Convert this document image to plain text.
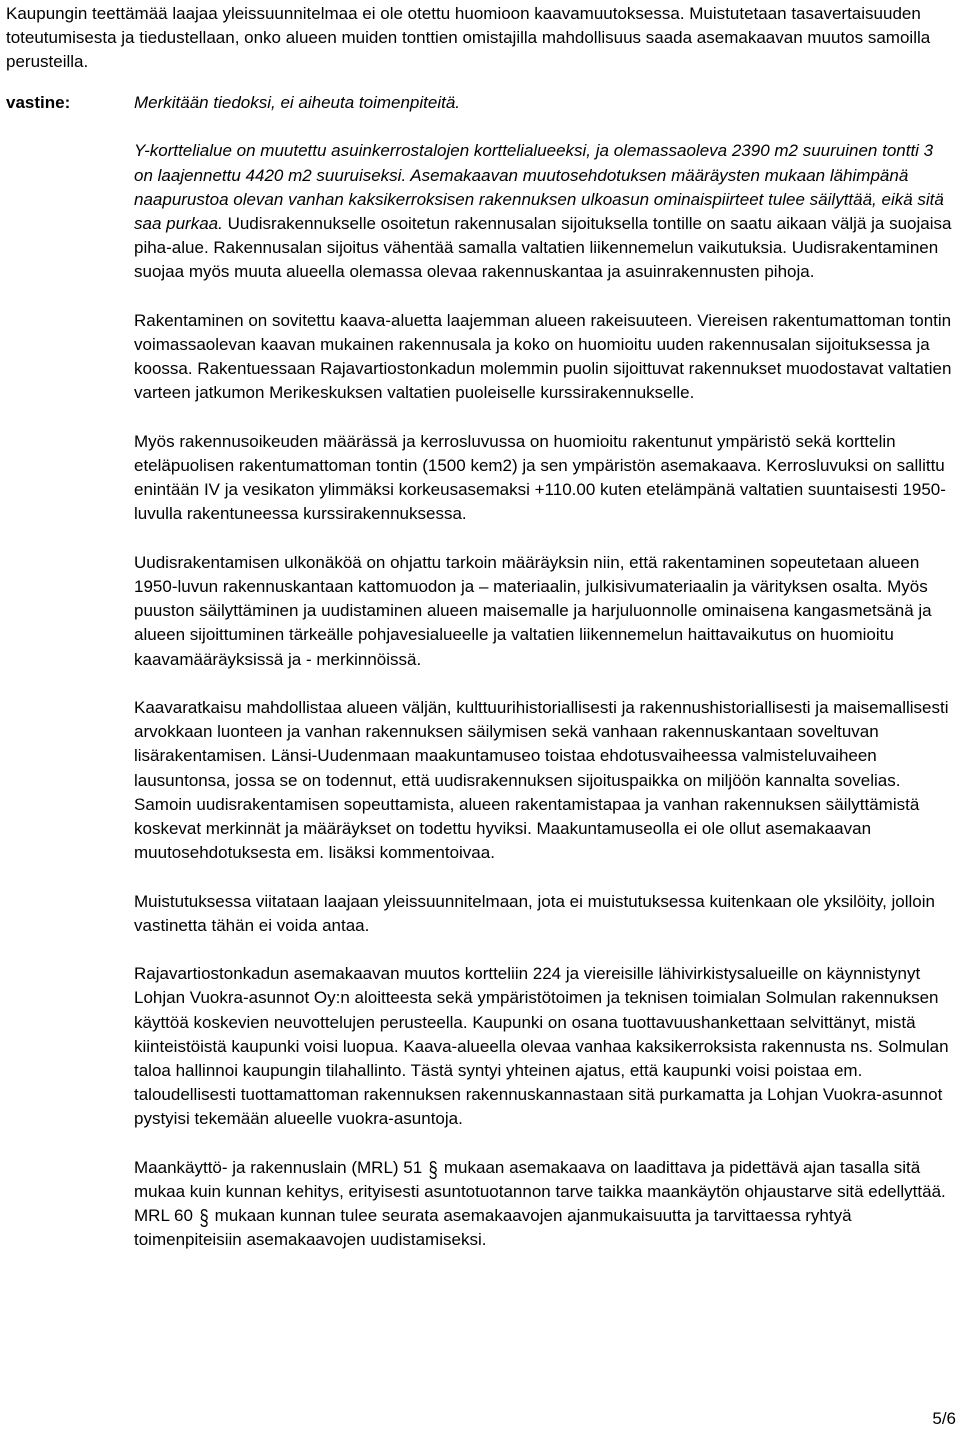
Kaupungin teettämää laajaa yleissuunnitelmaa ei ole otettu huomioon kaavamuutoksessa. Muistutetaan tasavertaisuuden toteutumisesta ja tiedustellaan, onko alueen muiden tonttien omistajilla mahdollisuus saada asemakaavan muutos samoilla perusteilla.

vastine:	Merkitään tiedoksi, ei aiheuta toimenpiteitä.

Y-korttelialue on muutettu asuinkerrostalojen korttelialueeksi, ja olemassaoleva 2390 m2 suuruinen tontti 3 on laajennettu 4420 m2 suuruiseksi. Asemakaavan muutosehdotuksen määräysten mukaan lähimpänä naapurustoa olevan vanhan kaksikerroksisen rakennuksen ulkoasun ominaispiirteet tulee säilyttää, eikä sitä saa purkaa. Uudisrakennukselle osoitetun rakennusalan sijoituksella tontille on saatu aikaan väljä ja suojaisa piha-alue. Rakennusalan sijoitus vähentää samalla valtatien liikennemelun vaikutuksia. Uudisrakentaminen suojaa myös muuta alueella olemassa olevaa rakennuskantaa ja asuinrakennusten pihoja.

Rakentaminen on sovitettu kaava-aluetta laajemman alueen rakeisuuteen. Viereisen rakentumattoman tontin voimassaolevan kaavan mukainen rakennusala ja koko on huomioitu uuden rakennusalan sijoituksessa ja koossa. Rakentuessaan Rajavartiostonkadun molemmin puolin sijoittuvat rakennukset muodostavat valtatien varteen jatkumon Merikeskuksen valtatien puoleiselle kurssirakennukselle.

Myös rakennusoikeuden määrässä ja kerrosluvussa on huomioitu rakentunut ympäristö sekä korttelin eteläpuolisen rakentumattoman tontin (1500 kem2) ja sen ympäristön asemakaava. Kerrosluvuksi on sallittu enintään IV ja vesikaton ylimmäksi korkeusasemaksi +110.00 kuten etelämpänä valtatien suuntaisesti 1950-luvulla rakentuneessa kurssirakennuksessa.

Uudisrakentamisen ulkonäköä on ohjattu tarkoin määräyksin niin, että rakentaminen sopeutetaan alueen 1950-luvun rakennuskantaan kattomuodon ja – materiaalin, julkisivumateriaalin ja värityksen osalta. Myös puuston säilyttäminen ja uudistaminen alueen maisemalle ja harjuluonnolle ominaisena kangasmetsänä ja alueen sijoittuminen tärkeälle pohjavesialueelle ja valtatien liikennemelun haittavaikutus on huomioitu kaavamääräyksissä ja - merkinnöissä.

Kaavaratkaisu mahdollistaa alueen väljän, kulttuurihistoriallisesti ja rakennushistoriallisesti ja maisemallisesti arvokkaan luonteen ja vanhan rakennuksen säilymisen sekä vanhaan rakennuskantaan soveltuvan lisärakentamisen. Länsi-Uudenmaan maakuntamuseo toistaa ehdotusvaiheessa valmisteluvaiheen lausuntonsa, jossa se on todennut, että uudisrakennuksen sijoituspaikka on miljöön kannalta sovelias. Samoin uudisrakentamisen sopeuttamista, alueen rakentamistapaa ja vanhan rakennuksen säilyttämistä koskevat merkinnät ja määräykset on todettu hyviksi. Maakuntamuseolla ei ole ollut asemakaavan muutosehdotuksesta em. lisäksi kommentoivaa.

Muistutuksessa viitataan laajaan yleissuunnitelmaan, jota ei muistutuksessa kuitenkaan ole yksilöity, jolloin vastinetta tähän ei voida antaa.

Rajavartiostonkadun asemakaavan muutos kortteliin 224 ja viereisille lähivirkistysalueille on käynnistynyt Lohjan Vuokra-asunnot Oy:n aloitteesta sekä ympäristötoimen ja teknisen toimialan Solmulan rakennuksen käyttöä koskevien neuvottelujen perusteella. Kaupunki on osana tuottavuushankettaan selvittänyt, mistä kiinteistöistä kaupunki voisi luopua. Kaava-alueella olevaa vanhaa kaksikerroksista rakennusta ns. Solmulan taloa hallinnoi kaupungin tilahallinto. Tästä syntyi yhteinen ajatus, että kaupunki voisi poistaa em. taloudellisesti tuottamattoman rakennuksen rakennuskannastaan sitä purkamatta ja Lohjan Vuokra-asunnot pystyisi tekemään alueelle vuokra-asuntoja.

Maankäyttö- ja rakennuslain (MRL) 51 § mukaan asemakaava on laadittava ja pidettävä ajan tasalla sitä mukaa kuin kunnan kehitys, erityisesti asuntotuotannon tarve taikka maankäytön ohjaustarve sitä edellyttää. MRL 60 § mukaan kunnan tulee seurata asemakaavojen ajanmukaisuutta ja tarvittaessa ryhtyä toimenpiteisiin asemakaavojen uudistamiseksi.

5/6
